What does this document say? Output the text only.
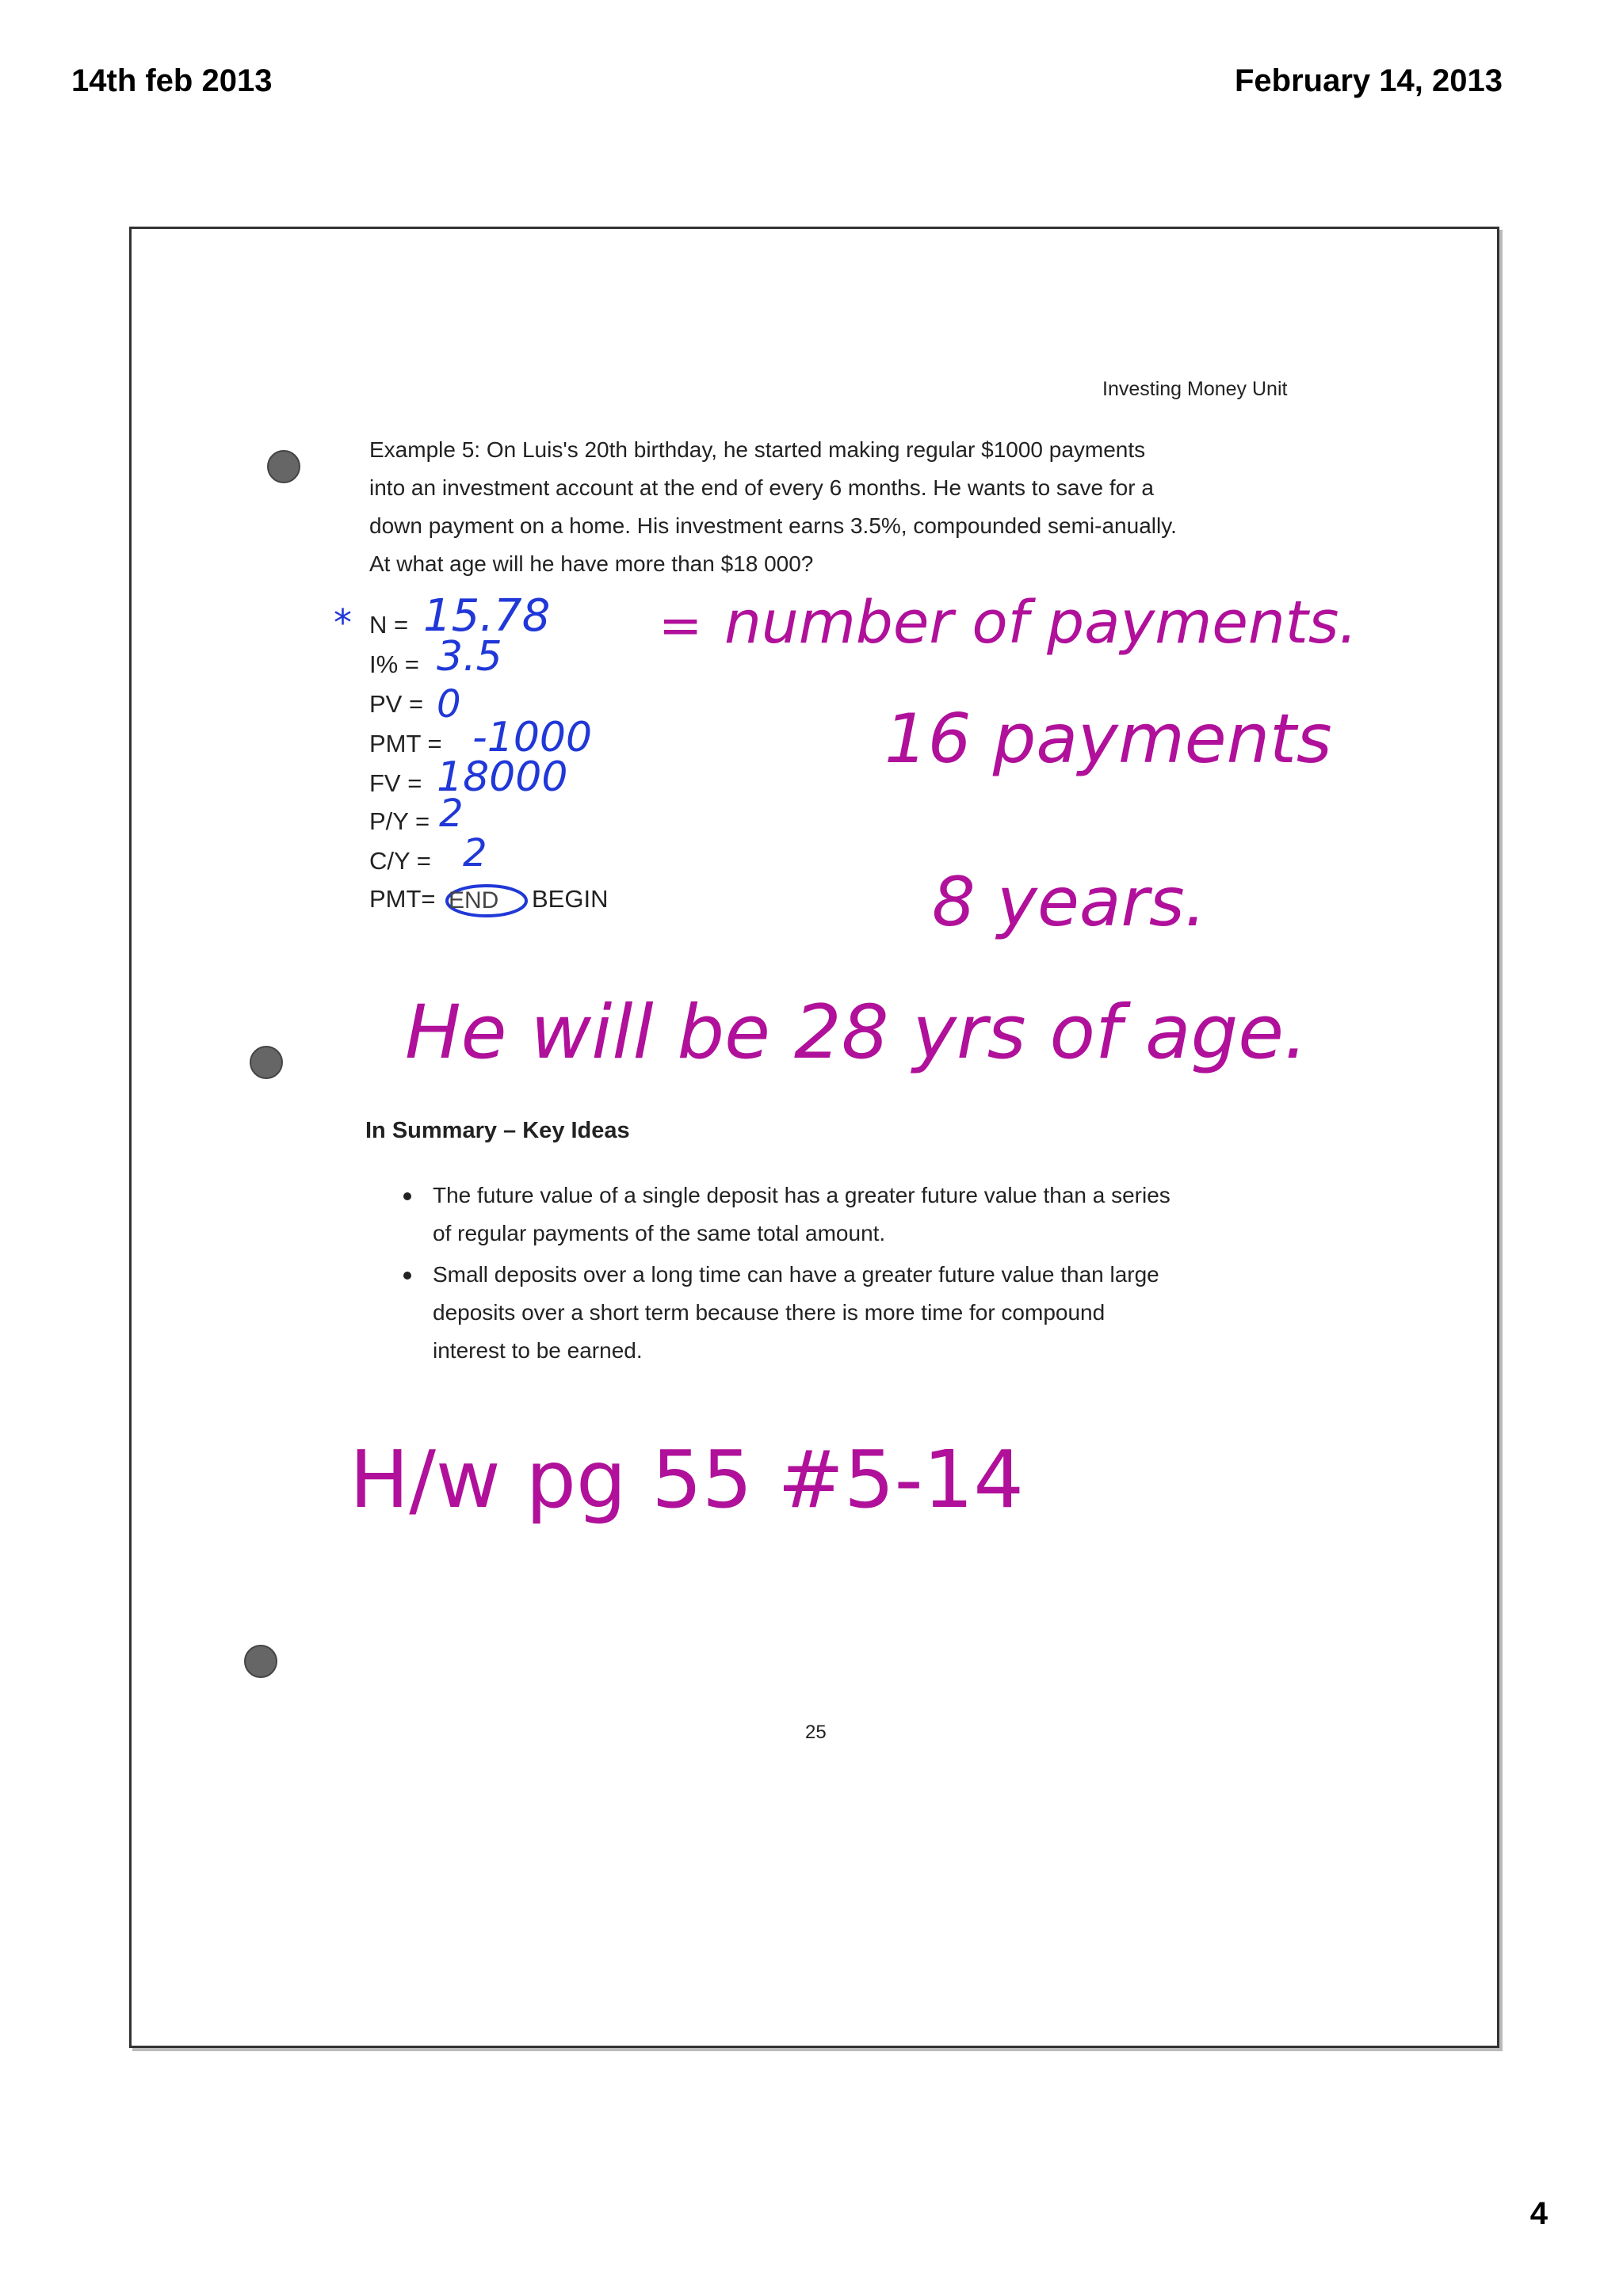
14th feb 2013	February 14, 2013
Investing Money Unit
Example 5: On Luis's 20th birthday, he started making regular $1000 payments
into an investment account at the end of every 6 months. He wants to save for a
down payment on a home. His investment earns 3.5%, compounded semi-anually.
At what age will he have more than $18 000?
N =
I% =
PV =
PMT =
FV =
P/Y =
C/Y =
PMT= END BEGIN
* 15.78
3.5
0
-1000
18000
2
2
= number of payments.
16 payments
8 years.
He will be 28 yrs of age.
In Summary – Key Ideas
The future value of a single deposit has a greater future value than a series
of regular payments of the same total amount.
Small deposits over a long time can have a greater future value than large
deposits over a short term because there is more time for compound
interest to be earned.
H/w pg 55 #5-14
25
4
